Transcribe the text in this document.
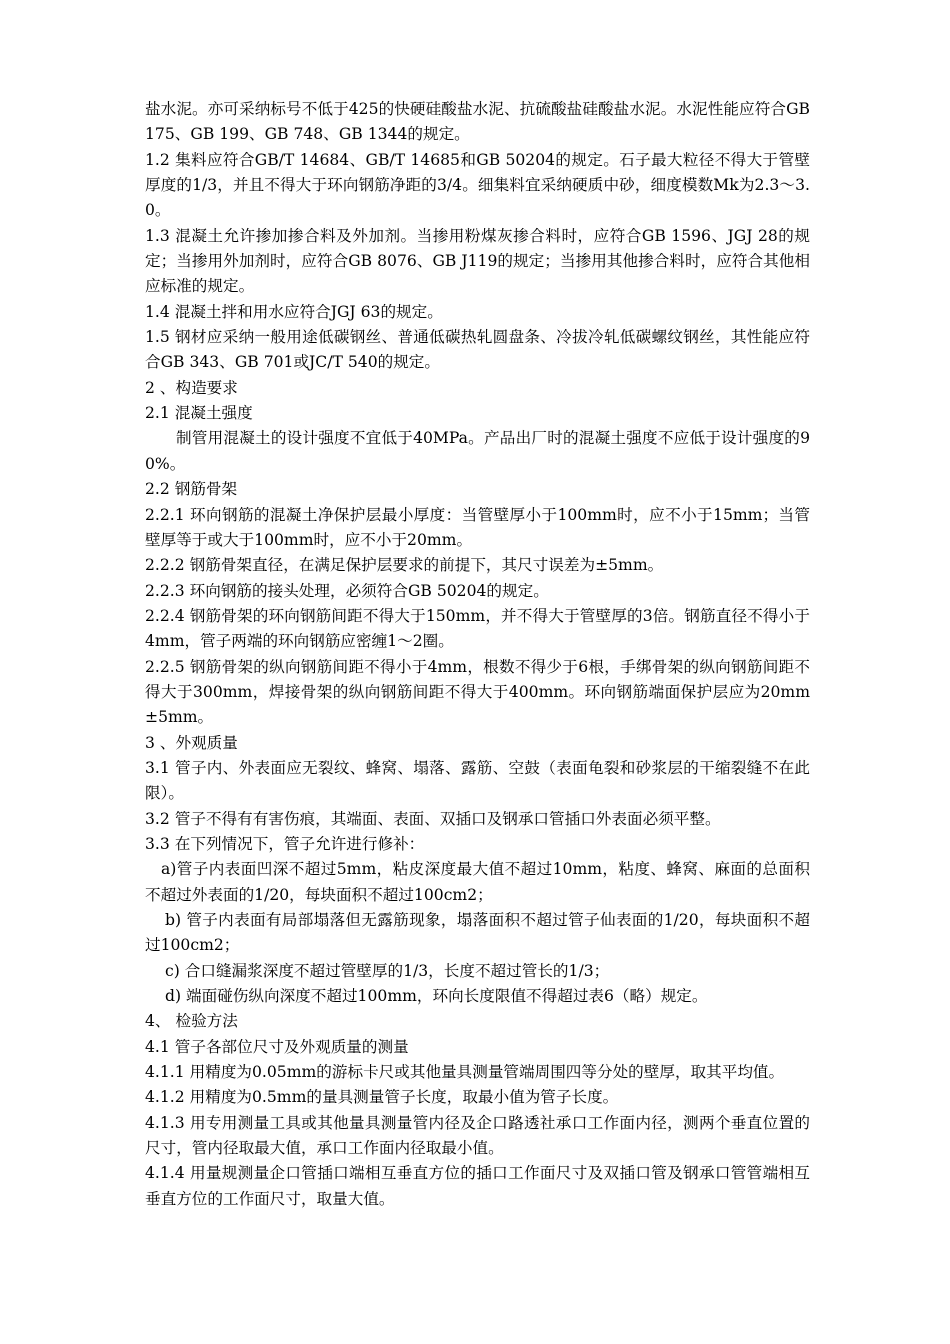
盐水泥。亦可采纳标号不低于425的快硬硅酸盐水泥、抗硫酸盐硅酸盐水泥。水泥性能应符合GB 175、GB 199、GB 748、GB 1344的规定。

1.2 集料应符合GB/T 14684、GB/T 14685和GB 50204的规定。石子最大粒径不得大于管壁厚度的1/3，并且不得大于环向钢筋净距的3/4。细集料宜采纳硬质中砂，细度模数Mk为2.3～3.0。

1.3 混凝土允许掺加掺合料及外加剂。当掺用粉煤灰掺合料时，应符合GB 1596、JGJ 28的规定；当掺用外加剂时，应符合GB 8076、GB J119的规定；当掺用其他掺合料时，应符合其他相应标准的规定。

1.4 混凝土拌和用水应符合JGJ 63的规定。

1.5 钢材应采纳一般用途低碳钢丝、普通低碳热轧圆盘条、冷拔冷轧低碳螺纹钢丝，其性能应符合GB 343、GB 701或JC/T 540的规定。

2 、构造要求

2.1 混凝土强度

制管用混凝土的设计强度不宜低于40MPa。产品出厂时的混凝土强度不应低于设计强度的90%。

2.2 钢筋骨架

2.2.1 环向钢筋的混凝土净保护层最小厚度：当管壁厚小于100mm时，应不小于15mm；当管壁厚等于或大于100mm时，应不小于20mm。

2.2.2 钢筋骨架直径，在满足保护层要求的前提下，其尺寸误差为±5mm。

2.2.3 环向钢筋的接头处理，必须符合GB 50204的规定。

2.2.4 钢筋骨架的环向钢筋间距不得大于150mm，并不得大于管壁厚的3倍。钢筋直径不得小于4mm，管子两端的环向钢筋应密缠1～2圈。

2.2.5 钢筋骨架的纵向钢筋间距不得小于4mm，根数不得少于6根，手绑骨架的纵向钢筋间距不得大于300mm，焊接骨架的纵向钢筋间距不得大于400mm。环向钢筋端面保护层应为20mm±5mm。

3 、外观质量

3.1 管子内、外表面应无裂纹、蜂窝、塌落、露筋、空鼓（表面龟裂和砂浆层的干缩裂缝不在此限）。

3.2 管子不得有有害伤痕，其端面、表面、双插口及钢承口管插口外表面必须平整。

3.3 在下列情况下，管子允许进行修补：

a)管子内表面凹深不超过5mm，粘皮深度最大值不超过10mm，粘度、蜂窝、麻面的总面积不超过外表面的1/20，每块面积不超过100cm2；

b) 管子内表面有局部塌落但无露筋现象，塌落面积不超过管子仙表面的1/20，每块面积不超过100cm2；

c) 合口缝漏浆深度不超过管壁厚的1/3，长度不超过管长的1/3；

d) 端面碰伤纵向深度不超过100mm，环向长度限值不得超过表6（略）规定。

4、 检验方法

4.1 管子各部位尺寸及外观质量的测量

4.1.1 用精度为0.05mm的游标卡尺或其他量具测量管端周围四等分处的壁厚，取其平均值。

4.1.2 用精度为0.5mm的量具测量管子长度，取最小值为管子长度。

4.1.3 用专用测量工具或其他量具测量管内径及企口路透社承口工作面内径，测两个垂直位置的尺寸，管内径取最大值，承口工作面内径取最小值。

4.1.4 用量规测量企口管插口端相互垂直方位的插口工作面尺寸及双插口管及钢承口管管端相互垂直方位的工作面尺寸，取量大值。
